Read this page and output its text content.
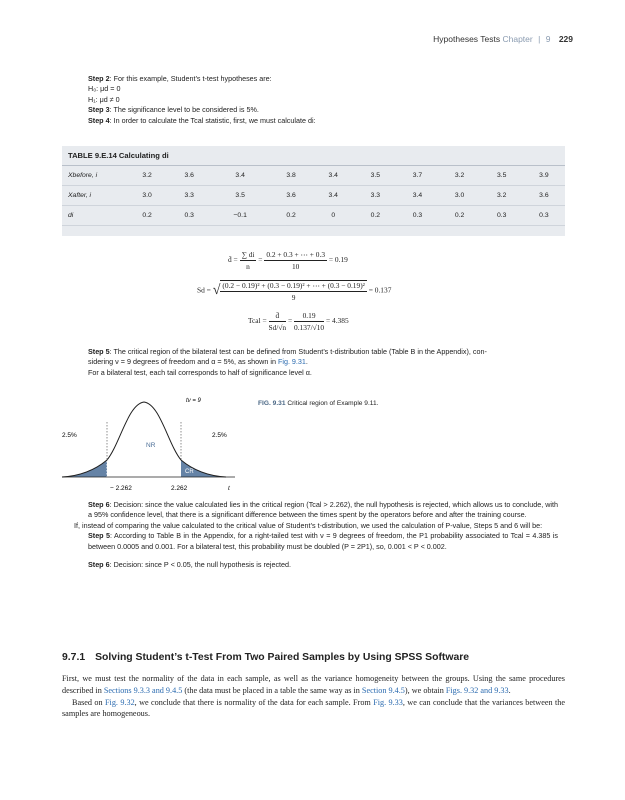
Hypotheses Tests Chapter | 9 229

Step 2: For this example, Student’s t-test hypotheses are:

H₀: μd = 0

H₁: μd ≠ 0

Step 3: The significance level to be considered is 5%.

Step 4: In order to calculate the Tcal statistic, first, we must calculate di:

TABLE 9.E.14 Calculating di
Xbefore, i	3.2	3.6	3.4	3.8	3.4	3.5	3.7	3.2	3.5	3.9
Xafter, i	3.0	3.3	3.5	3.6	3.4	3.3	3.4	3.0	3.2	3.6
di	0.2	0.3	−0.1	0.2	0	0.2	0.3	0.2	0.3	0.3
d̄ = $\frac{\sum di}{n} = \frac{0.2 + 0.3 + \cdots + 0.3}{10} = 0.19$
Sd = √ $\frac{\text{(0.2 − 0.19)² + (0.3 − 0.19)² + ⋯ + (0.3 − 0.19)²}}{9} = 0.137$
Tcal = $\frac{d̄}{Sd/√n} = \frac{0.19}{0.137/√10} = 4.385$

Step 5: The critical region of the bilateral test can be defined from Student’s t-distribution table (Table B in the Appendix), con-

sidering ν = 9 degrees of freedom and α = 5%, as shown in Fig. 9.31.

For a bilateral test, each tail corresponds to half of significance level α.

tν = 9
2.5%	2.5%
NR
CR	CR
− 2.262	2.262	t
FIG. 9.31 Critical region of Example 9.11.

Step 6: Decision: since the value calculated lies in the critical region (Tcal > 2.262), the null hypothesis is rejected, which allows us to conclude, with a 95% confidence level, that there is a significant difference between the times spent by the operators before and after the training course.

If, instead of comparing the value calculated to the critical value of Student’s t-distribution, we used the calculation of P-value, Steps 5 and 6 will be:

Step 5: According to Table B in the Appendix, for a right-tailed test with ν = 9 degrees of freedom, the P1 probability associated to Tcal = 4.385 is between 0.0005 and 0.001. For a bilateral test, this probability must be doubled (P = 2P1), so, 0.001 < P < 0.002.

Step 6: Decision: since P < 0.05, the null hypothesis is rejected.

9.7.1 Solving Student’s t-Test From Two Paired Samples by Using SPSS Software

First, we must test the normality of the data in each sample, as well as the variance homogeneity between the groups. Using the same procedures described in Sections 9.3.3 and 9.4.5 (the data must be placed in a table the same way as in Section 9.4.5), we obtain Figs. 9.32 and 9.33.

Based on Fig. 9.32, we conclude that there is normality of the data for each sample. From Fig. 9.33, we can conclude that the variances between the samples are homogeneous.
